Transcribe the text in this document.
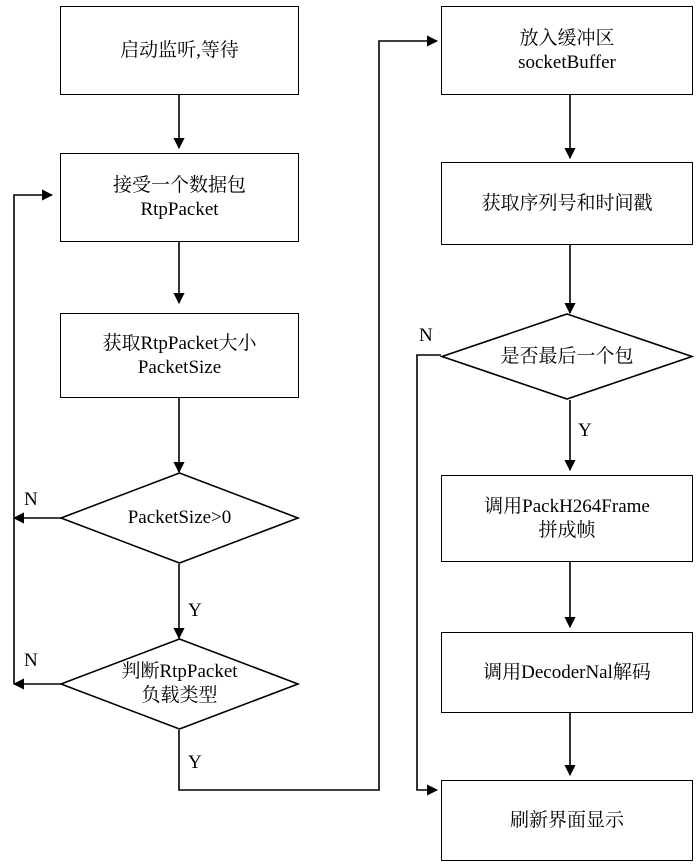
启动监听,等待
接受一个数据包
RtpPacket
获取RtpPacket大小
PacketSize
PacketSize>0
判断RtpPacket
负载类型
放入缓冲区
socketBuffer
获取序列号和时间戳
是否最后一个包
调用PackH264Frame
拼成帧
调用DecoderNal解码
刷新界面显示
N
Y
N
Y
N
Y
